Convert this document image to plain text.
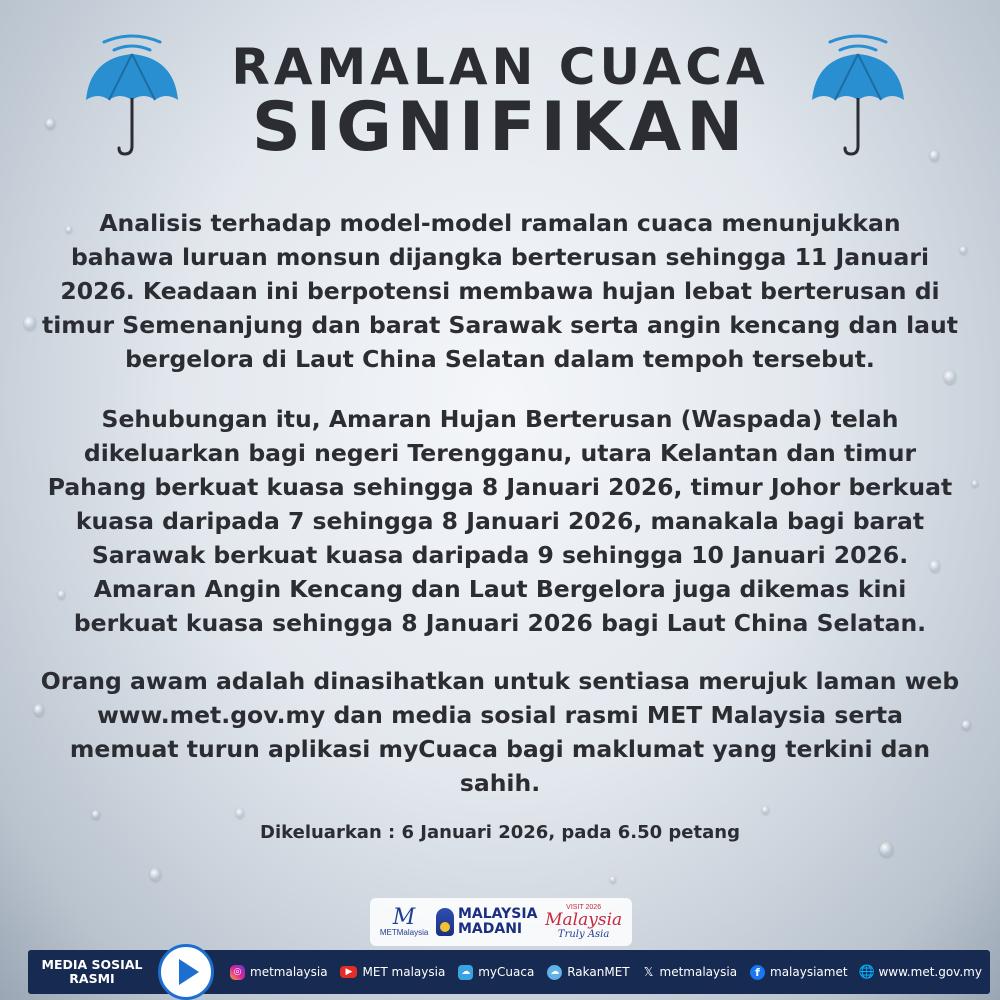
RAMALAN CUACA
SIGNIFIKAN
Analisis terhadap model-model ramalan cuaca menunjukkan
bahawa luruan monsun dijangka berterusan sehingga 11 Januari
2026. Keadaan ini berpotensi membawa hujan lebat berterusan di
timur Semenanjung dan barat Sarawak serta angin kencang dan laut
bergelora di Laut China Selatan dalam tempoh tersebut.
Sehubungan itu, Amaran Hujan Berterusan (Waspada) telah
dikeluarkan bagi negeri Terengganu, utara Kelantan dan timur
Pahang berkuat kuasa sehingga 8 Januari 2026, timur Johor berkuat
kuasa daripada 7 sehingga 8 Januari 2026, manakala bagi barat
Sarawak berkuat kuasa daripada 9 sehingga 10 Januari 2026.
Amaran Angin Kencang dan Laut Bergelora juga dikemas kini
berkuat kuasa sehingga 8 Januari 2026 bagi Laut China Selatan.
Orang awam adalah dinasihatkan untuk sentiasa merujuk laman web
www.met.gov.my dan media sosial rasmi MET Malaysia serta
memuat turun aplikasi myCuaca bagi maklumat yang terkini dan
sahih.
Dikeluarkan : 6 Januari 2026, pada 6.50 petang
M
METMalaysia
MALAYSIA
MADANI
VISIT 2026
Malaysia
Truly Asia
MEDIA SOSIAL
RASMI	◎ metmalaysia	▶ MET malaysia	☁ myCuaca	☁ RakanMET 𝕏 metmalaysia	f malaysiamet 🌐 www.met.gov.my
